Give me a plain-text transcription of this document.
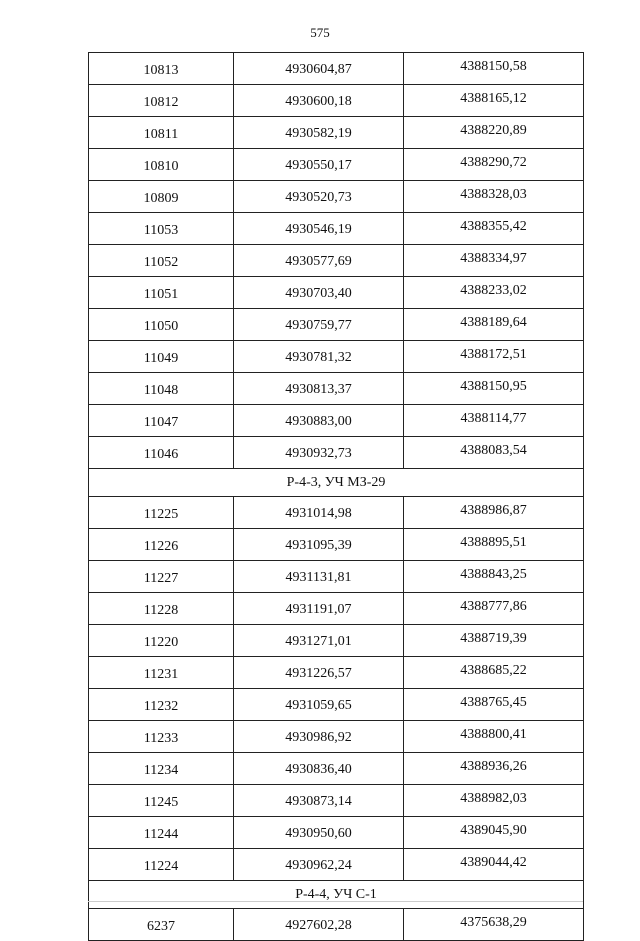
575
10813	4930604,87	4388150,58
10812	4930600,18	4388165,12
10811	4930582,19	4388220,89
10810	4930550,17	4388290,72
10809	4930520,73	4388328,03
11053	4930546,19	4388355,42
11052	4930577,69	4388334,97
11051	4930703,40	4388233,02
11050	4930759,77	4388189,64
11049	4930781,32	4388172,51
11048	4930813,37	4388150,95
11047	4930883,00	4388114,77
11046	4930932,73	4388083,54
Р-4-3, УЧ МЗ-29		
11225	4931014,98	4388986,87
11226	4931095,39	4388895,51
11227	4931131,81	4388843,25
11228	4931191,07	4388777,86
11220	4931271,01	4388719,39
11231	4931226,57	4388685,22
11232	4931059,65	4388765,45
11233	4930986,92	4388800,41
11234	4930836,40	4388936,26
11245	4930873,14	4388982,03
11244	4930950,60	4389045,90
11224	4930962,24	4389044,42
Р-4-4, УЧ С-1		
6237	4927602,28	4375638,29
